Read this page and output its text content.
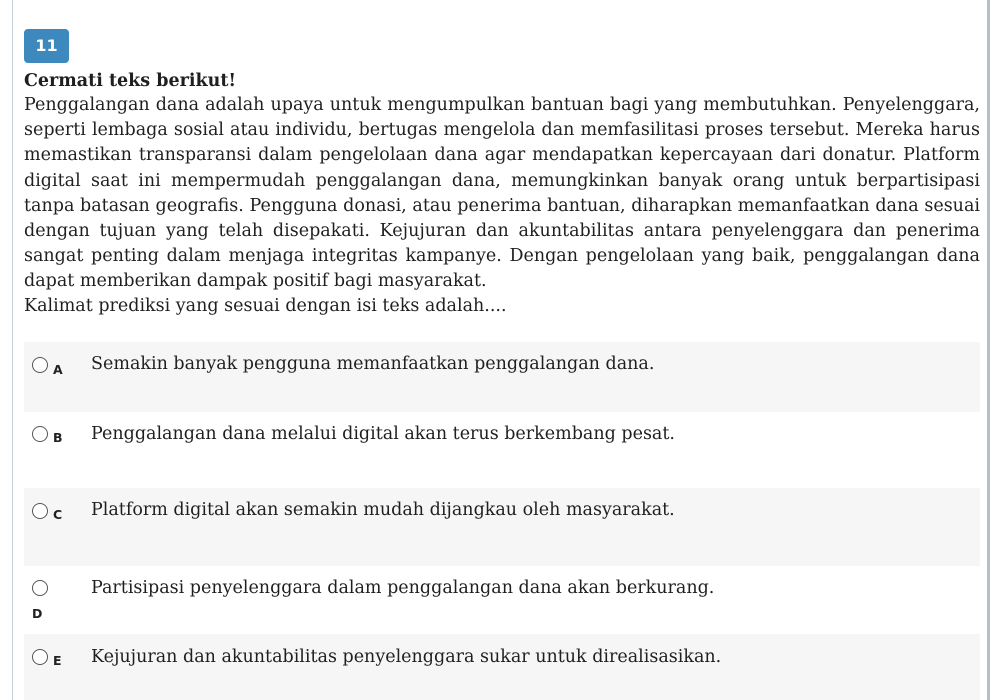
11
Cermati teks berikut!

Penggalangan dana adalah upaya untuk mengumpulkan bantuan bagi yang membutuhkan. Penyelenggara, seperti lembaga sosial atau individu, bertugas mengelola dan memfasilitasi proses tersebut. Mereka harus memastikan transparansi dalam pengelolaan dana agar mendapatkan kepercayaan dari donatur. Platform digital saat ini mempermudah penggalangan dana, memungkinkan banyak orang untuk berpartisipasi tanpa batasan geografis. Pengguna donasi, atau penerima bantuan, diharapkan memanfaatkan dana sesuai dengan tujuan yang telah disepakati. Kejujuran dan akuntabilitas antara penyelenggara dan penerima sangat penting dalam menjaga integritas kampanye. Dengan pengelolaan yang baik, penggalangan dana dapat memberikan dampak positif bagi masyarakat.

Kalimat prediksi yang sesuai dengan isi teks adalah....
A Semakin banyak pengguna memanfaatkan penggalangan dana.
B Penggalangan dana melalui digital akan terus berkembang pesat.
C Platform digital akan semakin mudah dijangkau oleh masyarakat.
D
Partisipasi penyelenggara dalam penggalangan dana akan berkurang.
E Kejujuran dan akuntabilitas penyelenggara sukar untuk direalisasikan.
